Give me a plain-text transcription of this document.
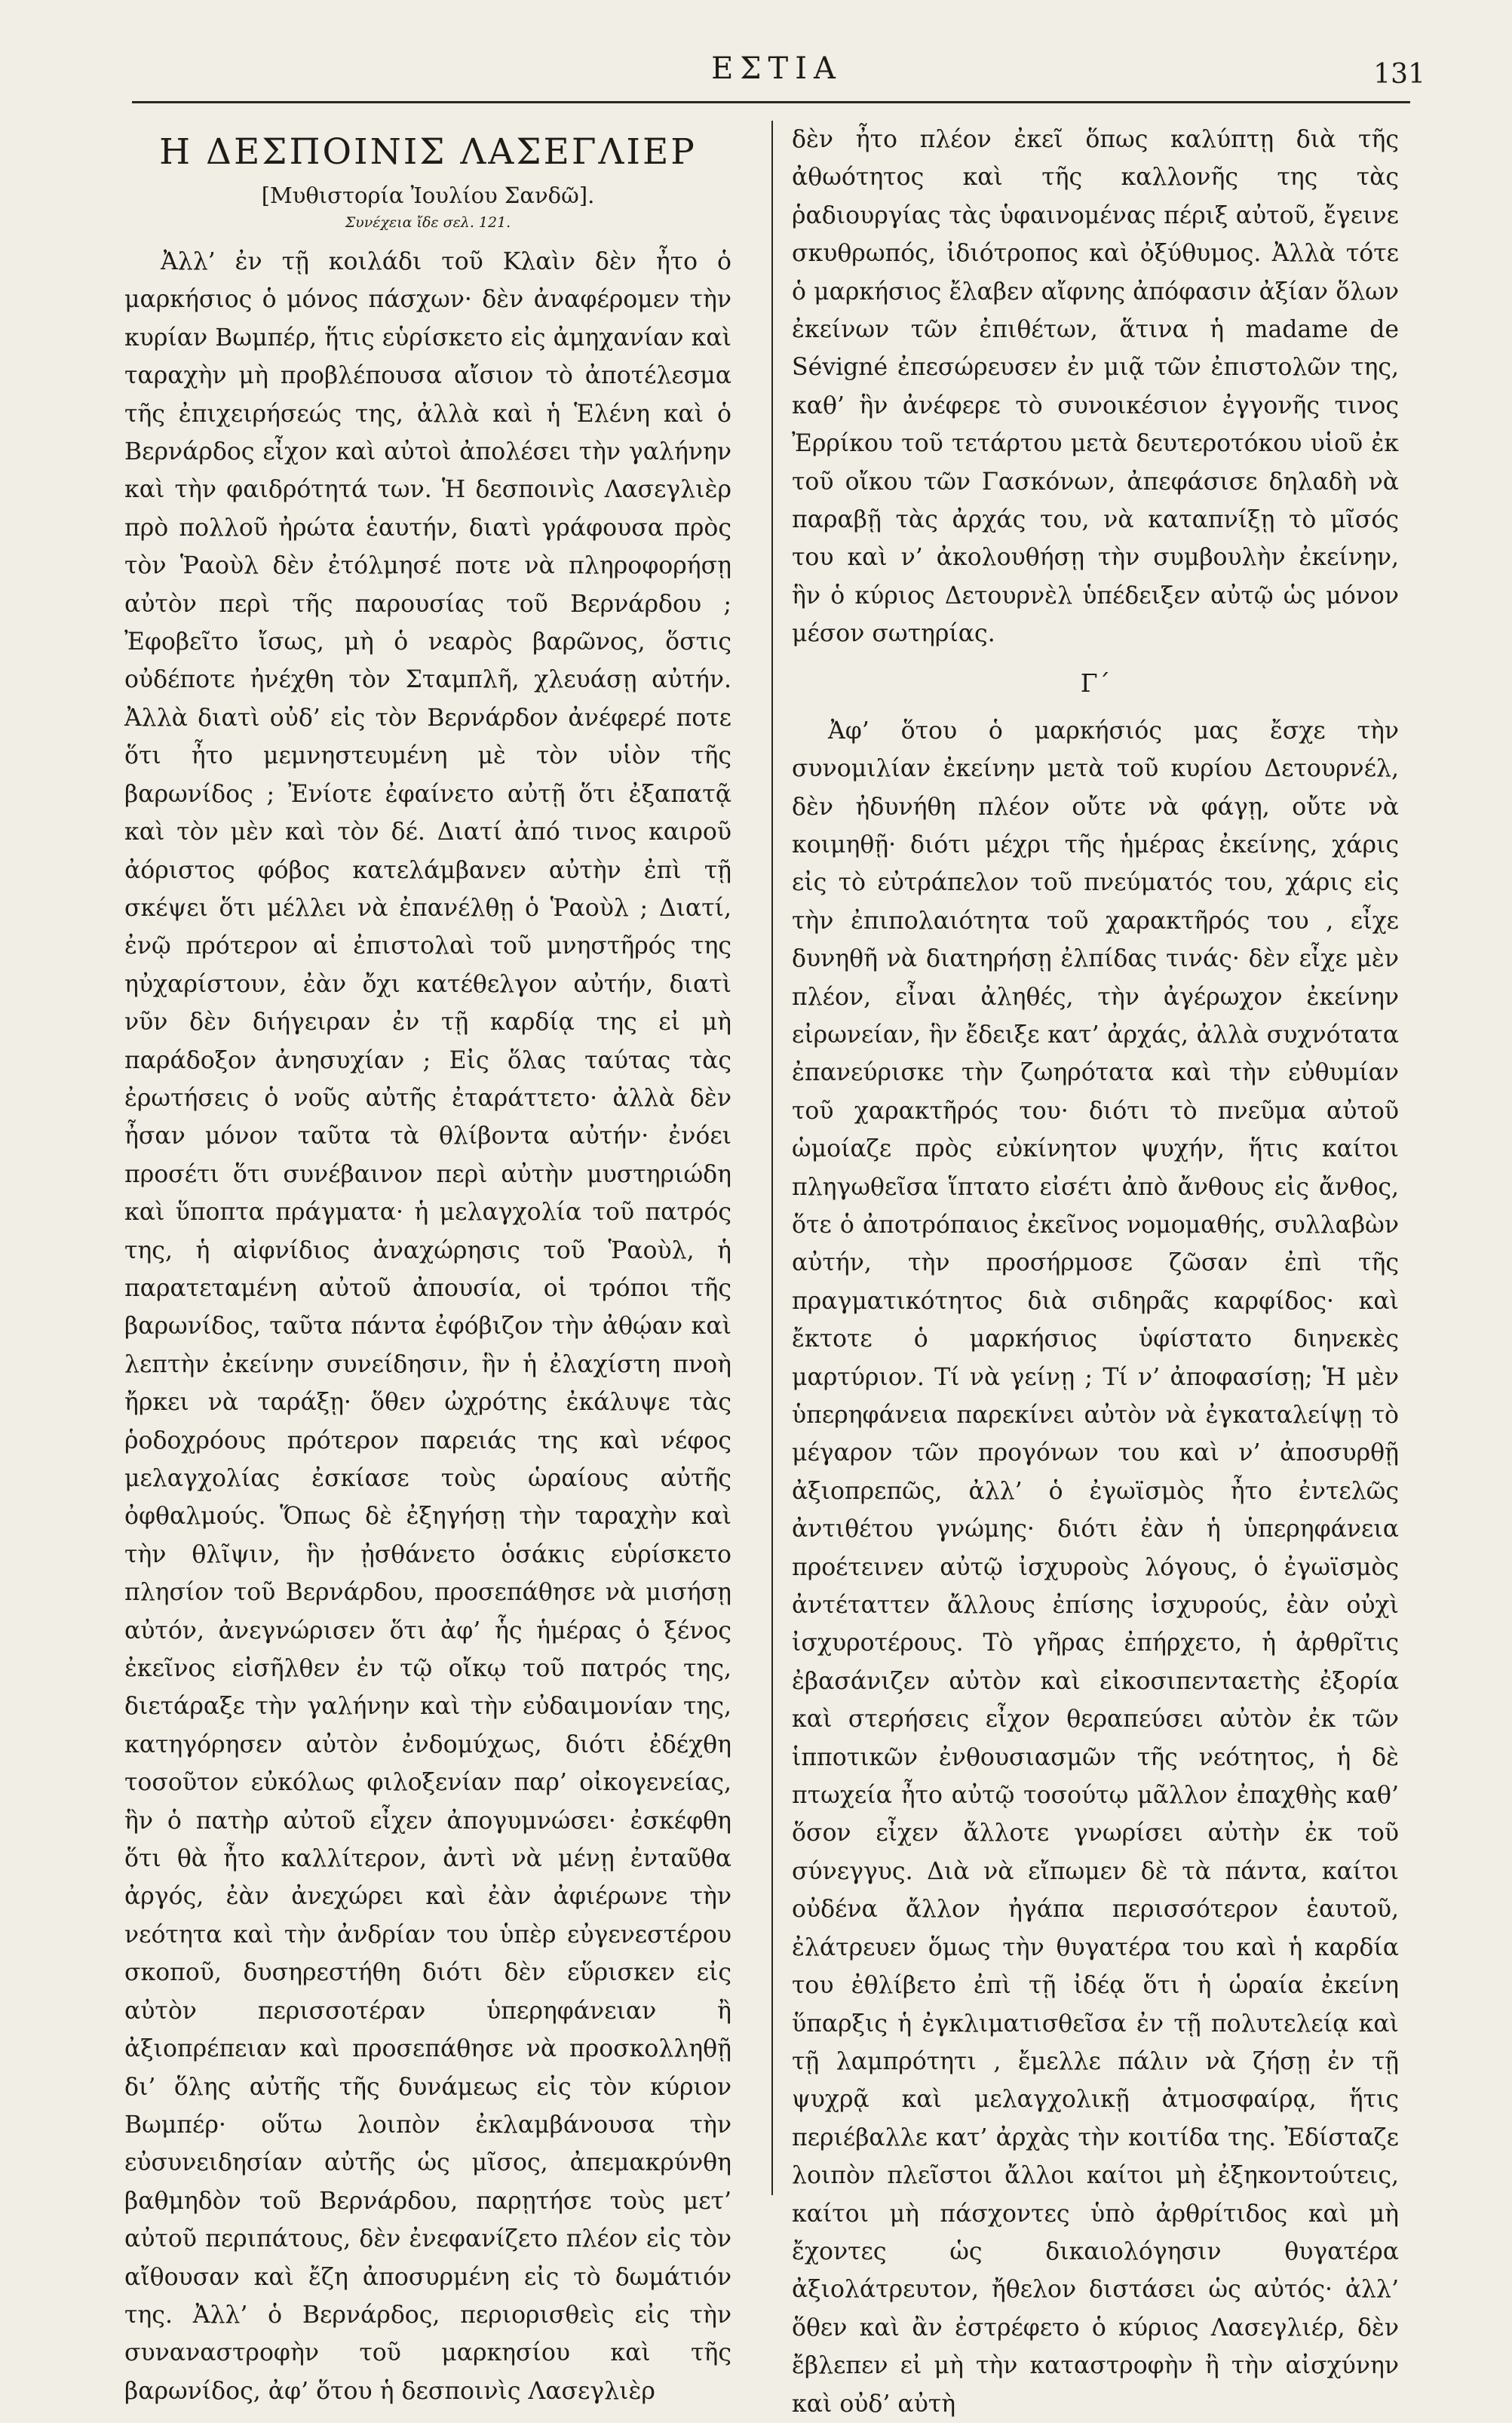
ΕΣΤΙΑ	131
Η ΔΕΣΠΟΙΝΙΣ ΛΑΣΕΓΛΙΕΡ
[Μυθιστορία Ἰουλίου Σανδῶ].
Συνέχεια ἴδε σελ. 121.

Ἀλλ’ ἐν τῇ κοιλάδι τοῦ Κλαὶν δὲν ἦτο ὁ μαρκήσιος ὁ μόνος πάσχων· δὲν ἀναφέρομεν τὴν κυρίαν Βωμπέρ, ἥτις εὑρίσκετο εἰς ἀμηχανίαν καὶ ταραχὴν μὴ προβλέπουσα αἴσιον τὸ ἀποτέλεσμα τῆς ἐπιχειρήσεώς της, ἀλλὰ καὶ ἡ Ἑλένη καὶ ὁ Βερνάρδος εἶχον καὶ αὐτοὶ ἀπολέσει τὴν γαλήνην καὶ τὴν φαιδρότητά των. Ἡ δεσποινὶς Λασεγλιὲρ πρὸ πολλοῦ ἠρώτα ἑαυτήν, διατὶ γράφουσα πρὸς τὸν Ῥαοὺλ δὲν ἐτόλμησέ ποτε νὰ πληροφορήσῃ αὐτὸν περὶ τῆς παρουσίας τοῦ Βερνάρδου ; Ἐφοβεῖτο ἴσως, μὴ ὁ νεαρὸς βαρῶνος, ὅστις οὐδέποτε ἠνέχθη τὸν Σταμπλῆ, χλευάσῃ αὐτήν. Ἀλλὰ διατὶ οὐδ’ εἰς τὸν Βερνάρδον ἀνέφερέ ποτε ὅτι ἦτο μεμνηστευμένη μὲ τὸν υἱὸν τῆς βαρωνίδος ; Ἐνίοτε ἐφαίνετο αὐτῇ ὅτι ἐξαπατᾷ καὶ τὸν μὲν καὶ τὸν δέ. Διατί ἀπό τινος καιροῦ ἀόριστος φόβος κατελάμβανεν αὐτὴν ἐπὶ τῇ σκέψει ὅτι μέλλει νὰ ἐπανέλθῃ ὁ Ῥαοὺλ ; Διατί, ἐνῷ πρότερον αἱ ἐπιστολαὶ τοῦ μνηστῆρός της ηὐχαρίστουν, ἐὰν ὄχι κατέθελγον αὐτήν, διατὶ νῦν δὲν διήγειραν ἐν τῇ καρδίᾳ της εἰ μὴ παράδοξον ἀνησυχίαν ; Εἰς ὅλας ταύτας τὰς ἐρωτήσεις ὁ νοῦς αὐτῆς ἐταράττετο· ἀλλὰ δὲν ἦσαν μόνον ταῦτα τὰ θλίβοντα αὐτήν· ἐνόει προσέτι ὅτι συνέβαινον περὶ αὐτὴν μυστηριώδη καὶ ὕποπτα πράγματα· ἡ μελαγχολία τοῦ πατρός της, ἡ αἰφνίδιος ἀναχώρησις τοῦ Ῥαοὺλ, ἡ παρατεταμένη αὐτοῦ ἀπουσία, οἱ τρόποι τῆς βαρωνίδος, ταῦτα πάντα ἐφόβιζον τὴν ἀθῴαν καὶ λεπτὴν ἐκείνην συνείδησιν, ἣν ἡ ἐλαχίστη πνοὴ ἤρκει νὰ ταράξῃ· ὅθεν ὠχρότης ἐκάλυψε τὰς ῥοδοχρόους πρότερον παρειάς της καὶ νέφος μελαγχολίας ἐσκίασε τοὺς ὡραίους αὐτῆς ὀφθαλμούς. Ὅπως δὲ ἐξηγήσῃ τὴν ταραχὴν καὶ τὴν θλῖψιν, ἣν ᾐσθάνετο ὁσάκις εὑρίσκετο πλησίον τοῦ Βερνάρδου, προσεπάθησε νὰ μισήσῃ αὐτόν, ἀνεγνώρισεν ὅτι ἀφ’ ἧς ἡμέρας ὁ ξένος ἐκεῖνος εἰσῆλθεν ἐν τῷ οἴκῳ τοῦ πατρός της, διετάραξε τὴν γαλήνην καὶ τὴν εὐδαιμονίαν της, κατηγόρησεν αὐτὸν ἐνδομύχως, διότι ἐδέχθη τοσοῦτον εὐκόλως φιλοξενίαν παρ’ οἰκογενείας, ἣν ὁ πατὴρ αὐτοῦ εἶχεν ἀπογυμνώσει· ἐσκέφθη ὅτι θὰ ἦτο καλλίτερον, ἀντὶ νὰ μένῃ ἐνταῦθα ἀργός, ἐὰν ἀνεχώρει καὶ ἐὰν ἀφιέρωνε τὴν νεότητα καὶ τὴν ἀνδρίαν του ὑπὲρ εὐγενεστέρου σκοποῦ, δυσηρεστήθη διότι δὲν εὕρισκεν εἰς αὐτὸν περισσοτέραν ὑπερηφάνειαν ἢ ἀξιοπρέπειαν καὶ προσεπάθησε νὰ προσκολληθῇ δι’ ὅλης αὐτῆς τῆς δυνάμεως εἰς τὸν κύριον Βωμπέρ· οὕτω λοιπὸν ἐκλαμβάνουσα τὴν εὐσυνειδησίαν αὐτῆς ὡς μῖσος, ἀπεμακρύνθη βαθμηδὸν τοῦ Βερνάρδου, παρῃτήσε τοὺς μετ’ αὐτοῦ περιπάτους, δὲν ἐνεφανίζετο πλέον εἰς τὸν αἴθουσαν καὶ ἔζη ἀποσυρμένη εἰς τὸ δωμάτιόν της. Ἀλλ’ ὁ Βερνάρδος, περιορισθεὶς εἰς τὴν συναναστροφὴν τοῦ μαρκησίου καὶ τῆς βαρωνίδος, ἀφ’ ὅτου ἡ δεσποινὶς Λασεγλιὲρ

δὲν ἦτο πλέον ἐκεῖ ὅπως καλύπτῃ διὰ τῆς ἀθωότητος καὶ τῆς καλλονῆς της τὰς ῥαδιουργίας τὰς ὑφαινομένας πέριξ αὐτοῦ, ἔγεινε σκυθρωπός, ἰδιότροπος καὶ ὀξύθυμος. Ἀλλὰ τότε ὁ μαρκήσιος ἔλαβεν αἴφνης ἀπόφασιν ἀξίαν ὅλων ἐκείνων τῶν ἐπιθέτων, ἅτινα ἡ madame de Sévigné ἐπεσώρευσεν ἐν μιᾷ τῶν ἐπιστολῶν της, καθ’ ἣν ἀνέφερε τὸ συνοικέσιον ἐγγονῆς τινος Ἐρρίκου τοῦ τετάρτου μετὰ δευτεροτόκου υἱοῦ ἐκ τοῦ οἴκου τῶν Γασκόνων, ἀπεφάσισε δηλαδὴ νὰ παραβῇ τὰς ἀρχάς του, νὰ καταπνίξῃ τὸ μῖσός του καὶ ν’ ἀκολουθήσῃ τὴν συμβουλὴν ἐκείνην, ἣν ὁ κύριος Δετουρνὲλ ὑπέδειξεν αὐτῷ ὡς μόνον μέσον σωτηρίας.

Γ΄

Ἀφ’ ὅτου ὁ μαρκήσιός μας ἔσχε τὴν συνομιλίαν ἐκείνην μετὰ τοῦ κυρίου Δετουρνέλ, δὲν ἠδυνήθη πλέον οὔτε νὰ φάγῃ, οὔτε νὰ κοιμηθῇ· διότι μέχρι τῆς ἡμέρας ἐκείνης, χάρις εἰς τὸ εὐτράπελον τοῦ πνεύματός του, χάρις εἰς τὴν ἐπιπολαιότητα τοῦ χαρακτῆρός του , εἶχε δυνηθῆ νὰ διατηρήσῃ ἐλπίδας τινάς· δὲν εἶχε μὲν πλέον, εἶναι ἀληθές, τὴν ἀγέρωχον ἐκείνην εἰρωνείαν, ἣν ἔδειξε κατ’ ἀρχάς, ἀλλὰ συχνότατα ἐπανεύρισκε τὴν ζωηρότατα καὶ τὴν εὐθυμίαν τοῦ χαρακτῆρός του· διότι τὸ πνεῦμα αὐτοῦ ὡμοίαζε πρὸς εὐκίνητον ψυχήν, ἥτις καίτοι πληγωθεῖσα ἵπτατο εἰσέτι ἀπὸ ἄνθους εἰς ἄνθος, ὅτε ὁ ἀποτρόπαιος ἐκεῖνος νομομαθής, συλλαβὼν αὐτήν, τὴν προσήρμοσε ζῶσαν ἐπὶ τῆς πραγματικότητος διὰ σιδηρᾶς καρφίδος· καὶ ἔκτοτε ὁ μαρκήσιος ὑφίστατο διηνεκὲς μαρτύριον. Τί νὰ γείνῃ ; Τί ν’ ἀποφασίσῃ; Ἡ μὲν ὑπερηφάνεια παρεκίνει αὐτὸν νὰ ἐγκαταλείψῃ τὸ μέγαρον τῶν προγόνων του καὶ ν’ ἀποσυρθῇ ἀξιοπρεπῶς, ἀλλ’ ὁ ἐγωϊσμὸς ἦτο ἐντελῶς ἀντιθέτου γνώμης· διότι ἐὰν ἡ ὑπερηφάνεια προέτεινεν αὐτῷ ἰσχυροὺς λόγους, ὁ ἐγωϊσμὸς ἀντέταττεν ἄλλους ἐπίσης ἰσχυρούς, ἐὰν οὐχὶ ἰσχυροτέρους. Τὸ γῆρας ἐπήρχετο, ἡ ἀρθρῖτις ἐβασάνιζεν αὐτὸν καὶ εἰκοσιπενταετὴς ἐξορία καὶ στερήσεις εἶχον θεραπεύσει αὐτὸν ἐκ τῶν ἱπποτικῶν ἐνθουσιασμῶν τῆς νεότητος, ἡ δὲ πτωχεία ἦτο αὐτῷ τοσούτῳ μᾶλλον ἐπαχθὴς καθ’ ὅσον εἶχεν ἄλλοτε γνωρίσει αὐτὴν ἐκ τοῦ σύνεγγυς. Διὰ νὰ εἴπωμεν δὲ τὰ πάντα, καίτοι οὐδένα ἄλλον ἠγάπα περισσότερον ἑαυτοῦ, ἐλάτρευεν ὅμως τὴν θυγατέρα του καὶ ἡ καρδία του ἐθλίβετο ἐπὶ τῇ ἰδέᾳ ὅτι ἡ ὡραία ἐκείνη ὕπαρξις ἡ ἐγκλιματισθεῖσα ἐν τῇ πολυτελείᾳ καὶ τῇ λαμπρότητι , ἔμελλε πάλιν νὰ ζήσῃ ἐν τῇ ψυχρᾷ καὶ μελαγχολικῇ ἀτμοσφαίρᾳ, ἥτις περιέβαλλε κατ’ ἀρχὰς τὴν κοιτίδα της. Ἐδίσταζε λοιπὸν πλεῖστοι ἄλλοι καίτοι μὴ ἐξηκοντούτεις, καίτοι μὴ πάσχοντες ὑπὸ ἀρθρίτιδος καὶ μὴ ἔχοντες ὡς δικαιολόγησιν θυγατέρα ἀξιολάτρευτον, ἤθελον διστάσει ὡς αὐτός· ἀλλ’ ὅθεν καὶ ἂν ἐστρέφετο ὁ κύριος Λασεγλιέρ, δὲν ἔβλεπεν εἰ μὴ τὴν καταστροφὴν ἢ τὴν αἰσχύνην καὶ οὐδ’ αὐτὴ
